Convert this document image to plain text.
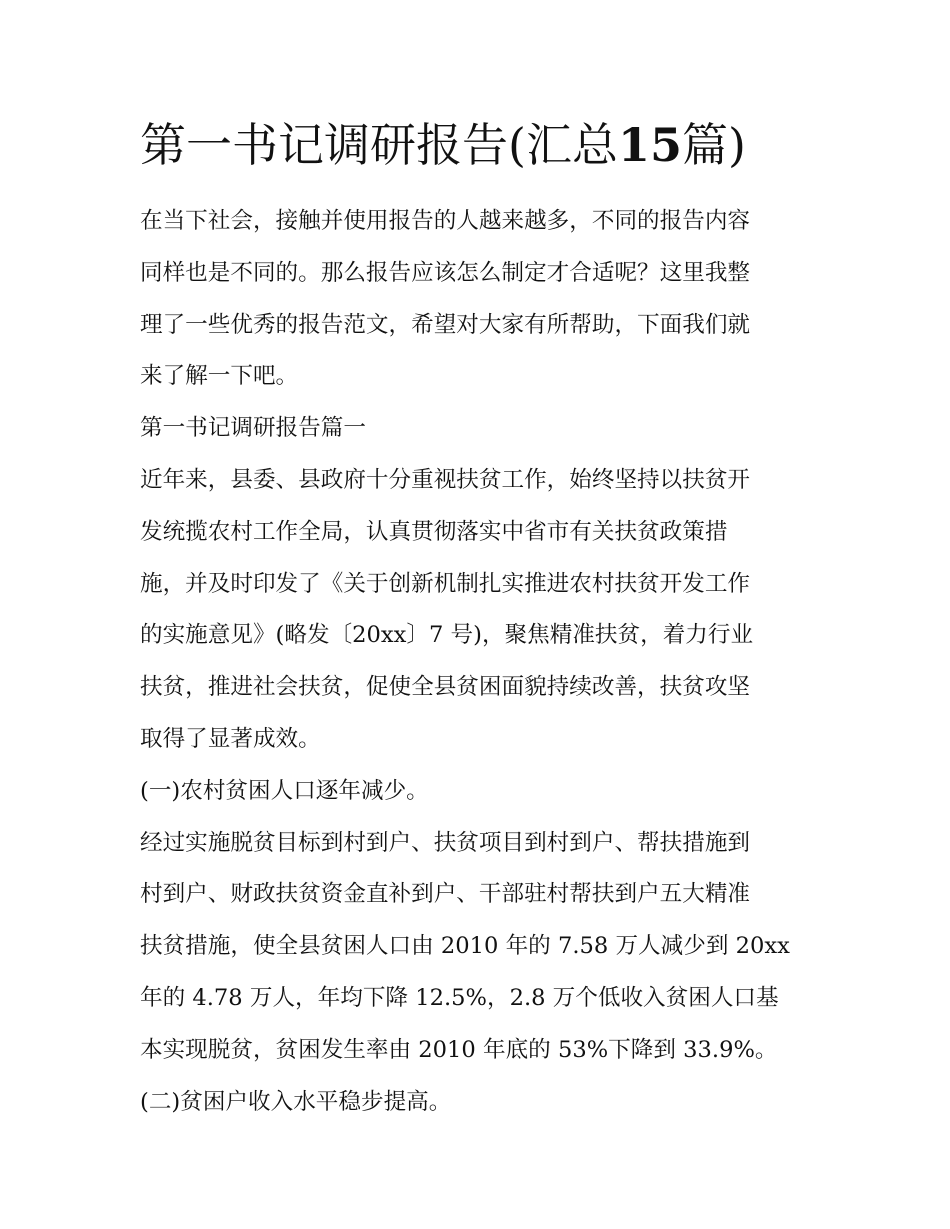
第一书记调研报告(汇总15篇)
在当下社会，接触并使用报告的人越来越多，不同的报告内容
同样也是不同的。那么报告应该怎么制定才合适呢？这里我整
理了一些优秀的报告范文，希望对大家有所帮助，下面我们就
来了解一下吧。
第一书记调研报告篇一
近年来，县委、县政府十分重视扶贫工作，始终坚持以扶贫开
发统揽农村工作全局，认真贯彻落实中省市有关扶贫政策措
施，并及时印发了《关于创新机制扎实推进农村扶贫开发工作
的实施意见》(略发〔20xx〕7 号)，聚焦精准扶贫，着力行业
扶贫，推进社会扶贫，促使全县贫困面貌持续改善，扶贫攻坚
取得了显著成效。
(一)农村贫困人口逐年减少。
经过实施脱贫目标到村到户、扶贫项目到村到户、帮扶措施到
村到户、财政扶贫资金直补到户、干部驻村帮扶到户五大精准
扶贫措施，使全县贫困人口由 2010 年的 7.58 万人减少到 20xx
年的 4.78 万人，年均下降 12.5%，2.8 万个低收入贫困人口基
本实现脱贫，贫困发生率由 2010 年底的 53%下降到 33.9%。
(二)贫困户收入水平稳步提高。
